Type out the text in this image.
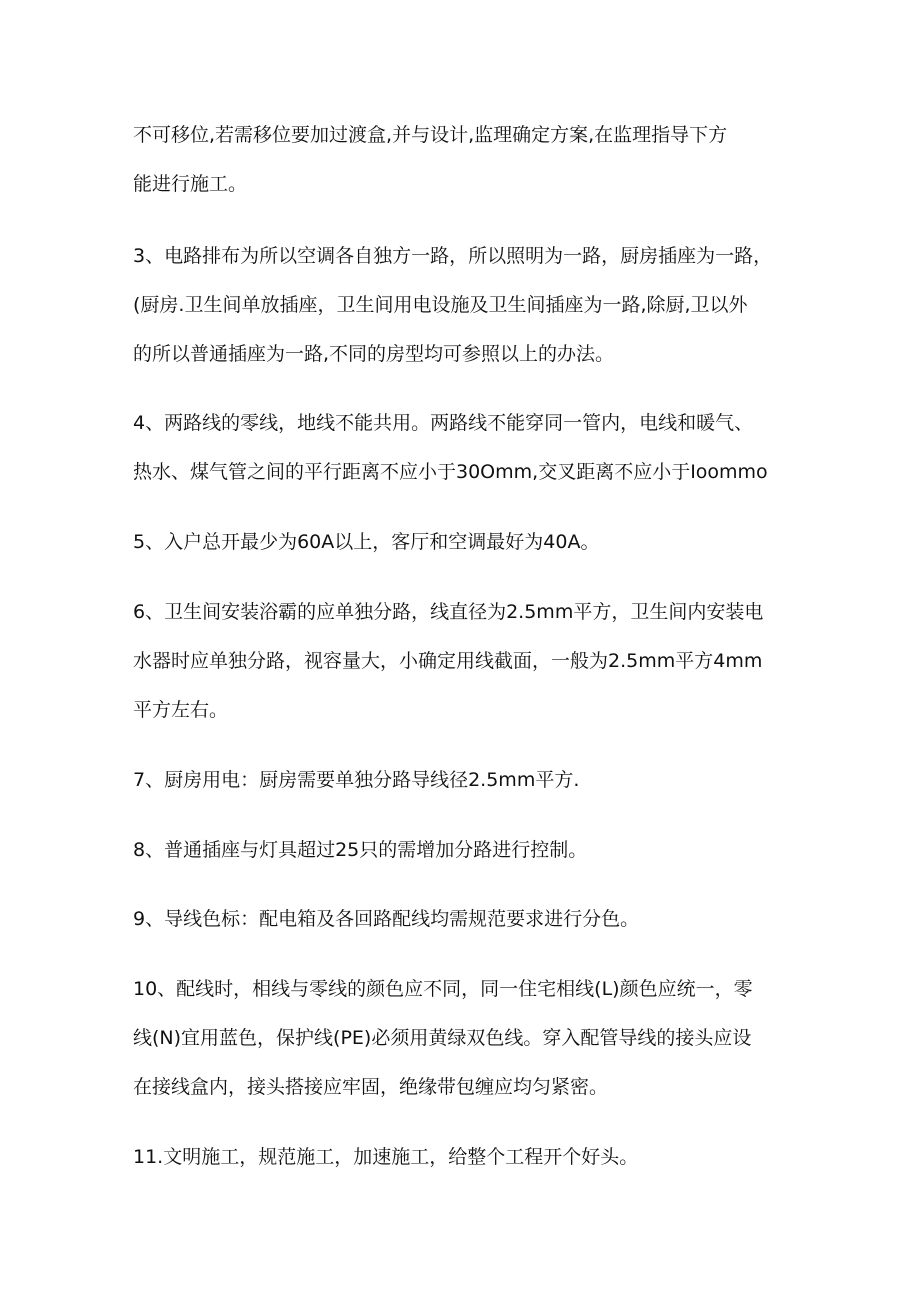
不可移位,若需移位要加过渡盒,并与设计,监理确定方案,在监理指导下方

能进行施工。

3、电路排布为所以空调各自独方一路，所以照明为一路，厨房插座为一路，

(厨房.卫生间单放插座，卫生间用电设施及卫生间插座为一路,除厨,卫以外

的所以普通插座为一路,不同的房型均可参照以上的办法。

4、两路线的零线，地线不能共用。两路线不能穿同一管内，电线和暖气、

热水、煤气管之间的平行距离不应小于30Omm,交叉距离不应小于Ioommo

5、入户总开最少为60A以上，客厅和空调最好为40A。

6、卫生间安装浴霸的应单独分路，线直径为2.5mm平方，卫生间内安装电

水器时应单独分路，视容量大，小确定用线截面，一般为2.5mm平方4mm

平方左右。

7、厨房用电：厨房需要单独分路导线径2.5mm平方.

8、普通插座与灯具超过25只的需增加分路进行控制。

9、导线色标：配电箱及各回路配线均需规范要求进行分色。

10、配线时，相线与零线的颜色应不同，同一住宅相线(L)颜色应统一，零

线(N)宜用蓝色，保护线(PE)必须用黄绿双色线。穿入配管导线的接头应设

在接线盒内，接头搭接应牢固，绝缘带包缠应均匀紧密。

11.文明施工，规范施工，加速施工，给整个工程开个好头。
